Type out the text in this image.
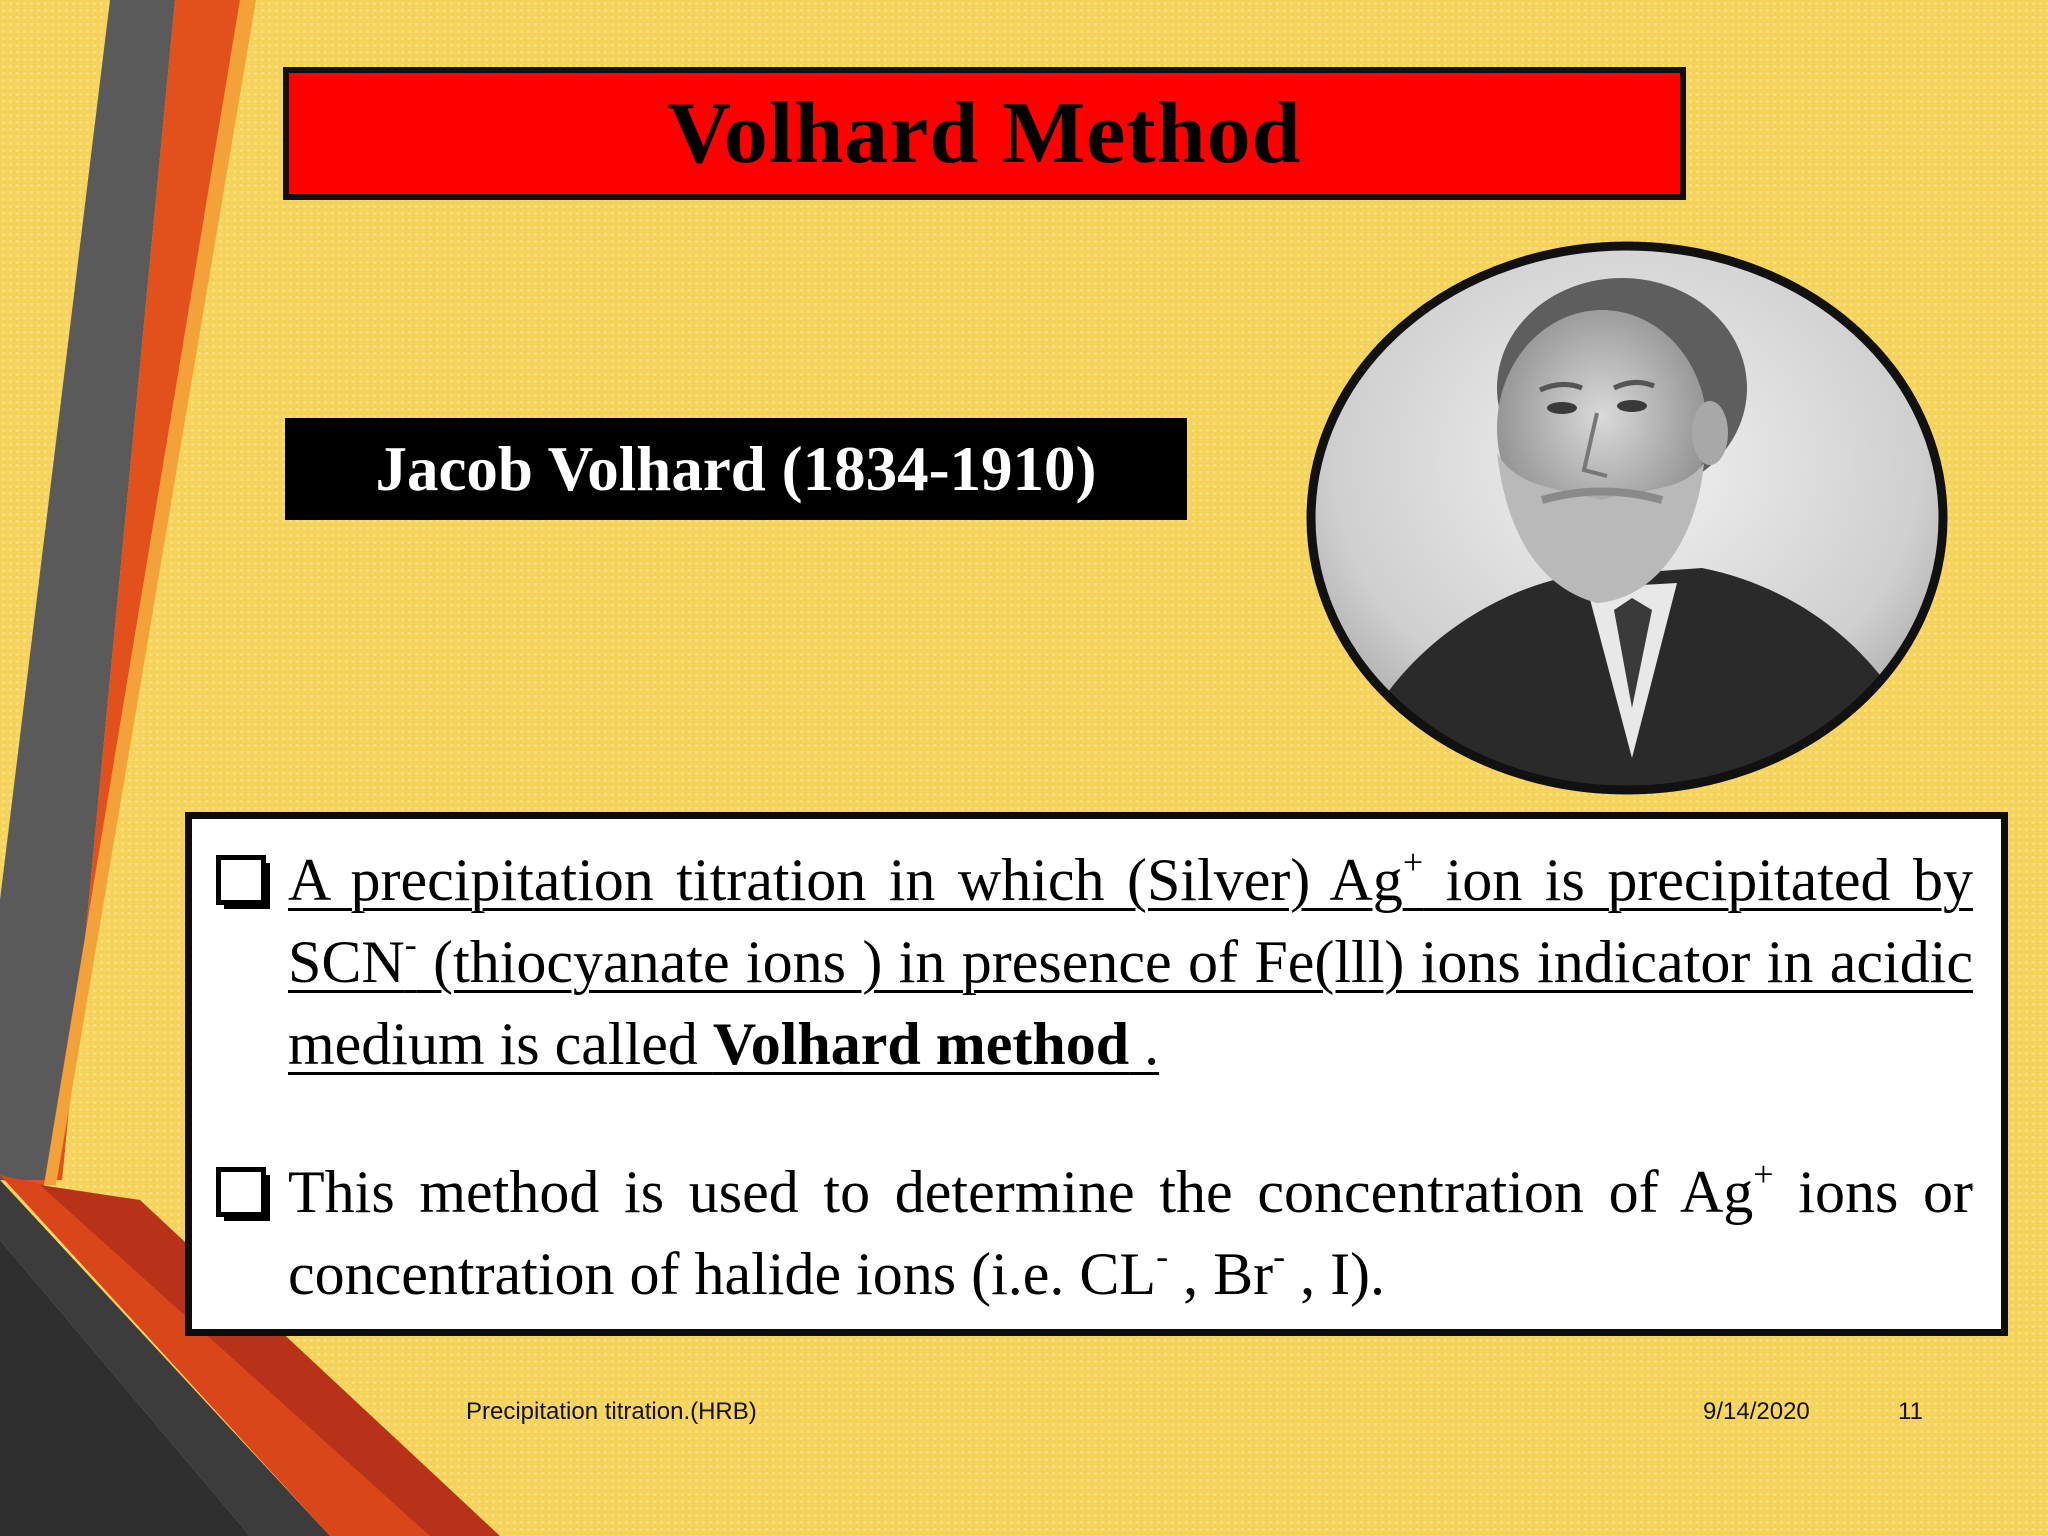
Volhard Method
Jacob Volhard (1834-1910)
A precipitation titration in which (Silver) Ag+ ion is precipitated by SCN- (thiocyanate ions ) in presence of Fe(lll) ions indicator in acidic medium is called Volhard method .
This method is used to determine the concentration of Ag+ ions or concentration of halide ions (i.e. CL- , Br- , I).
Precipitation titration.(HRB)	9/14/2020	11
